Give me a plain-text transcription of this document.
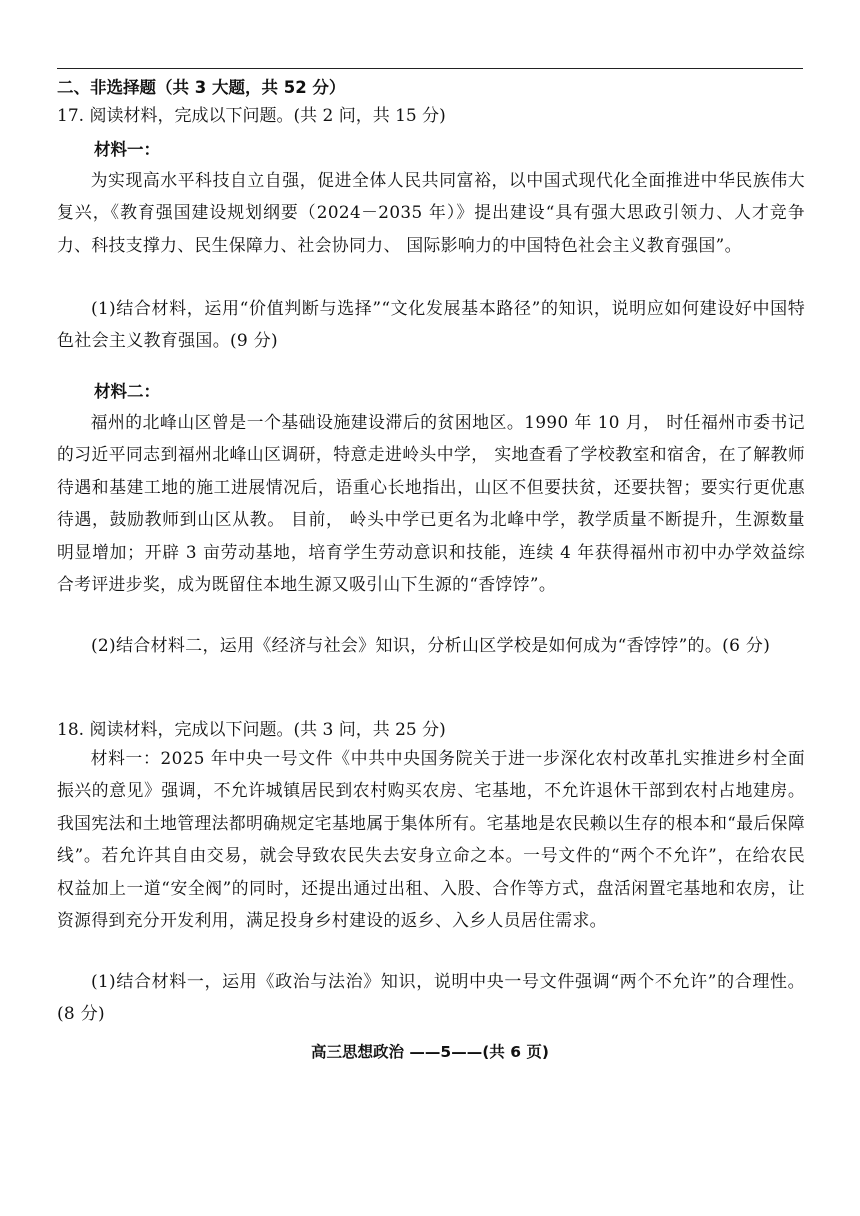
二、非选择题（共 3 大题，共 52 分）
17. 阅读材料，完成以下问题。(共 2 问，共 15 分)
材料一：
为实现高水平科技自立自强，促进全体人民共同富裕，以中国式现代化全面推进中华民族伟大复兴，《教育强国建设规划纲要（2024－2035 年）》提出建设“具有强大思政引领力、人才竞争力、科技支撑力、民生保障力、社会协同力、 国际影响力的中国特色社会主义教育强国”。
(1)结合材料，运用“价值判断与选择”“文化发展基本路径”的知识，说明应如何建设好中国特色社会主义教育强国。(9 分)
材料二：
福州的北峰山区曾是一个基础设施建设滞后的贫困地区。1990 年 10 月， 时任福州市委书记的习近平同志到福州北峰山区调研，特意走进岭头中学， 实地查看了学校教室和宿舍，在了解教师待遇和基建工地的施工进展情况后，语重心长地指出，山区不但要扶贫，还要扶智；要实行更优惠待遇，鼓励教师到山区从教。 目前， 岭头中学已更名为北峰中学，教学质量不断提升，生源数量明显增加；开辟 3 亩劳动基地，培育学生劳动意识和技能，连续 4 年获得福州市初中办学效益综合考评进步奖，成为既留住本地生源又吸引山下生源的“香饽饽”。
(2)结合材料二，运用《经济与社会》知识，分析山区学校是如何成为“香饽饽”的。(6 分)
18. 阅读材料，完成以下问题。(共 3 问，共 25 分)
材料一：2025 年中央一号文件《中共中央国务院关于进一步深化农村改革扎实推进乡村全面振兴的意见》强调，不允许城镇居民到农村购买农房、宅基地，不允许退休干部到农村占地建房。我国宪法和土地管理法都明确规定宅基地属于集体所有。宅基地是农民赖以生存的根本和“最后保障线”。若允许其自由交易，就会导致农民失去安身立命之本。一号文件的“两个不允许”，在给农民权益加上一道“安全阀”的同时，还提出通过出租、入股、合作等方式，盘活闲置宅基地和农房，让资源得到充分开发利用，满足投身乡村建设的返乡、入乡人员居住需求。
(1)结合材料一，运用《政治与法治》知识，说明中央一号文件强调“两个不允许”的合理性。(8 分)
高三思想政治 ——5——(共 6 页)
